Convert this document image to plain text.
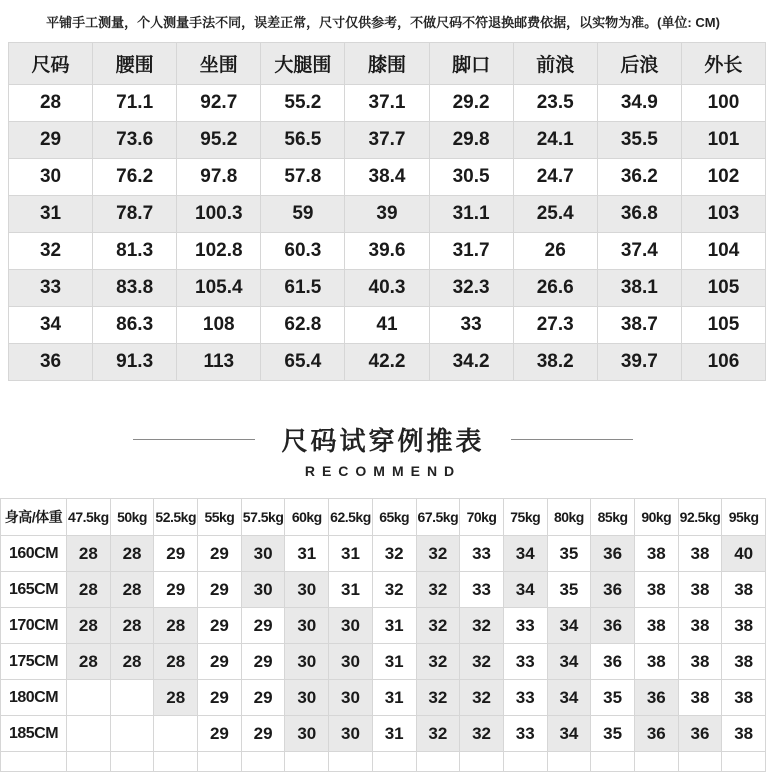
平铺手工测量，个人测量手法不同，误差正常，尺寸仅供参考，不做尺码不符退换邮费依据，以实物为准。(单位: CM)
尺码	腰围	坐围	大腿围	膝围	脚口	前浪	后浪	外长
28	71.1	92.7	55.2	37.1	29.2	23.5	34.9	100
29	73.6	95.2	56.5	37.7	29.8	24.1	35.5	101
30	76.2	97.8	57.8	38.4	30.5	24.7	36.2	102
31	78.7	100.3	59	39	31.1	25.4	36.8	103
32	81.3	102.8	60.3	39.6	31.7	26	37.4	104
33	83.8	105.4	61.5	40.3	32.3	26.6	38.1	105
34	86.3	108	62.8	41	33	27.3	38.7	105
36	91.3	113	65.4	42.2	34.2	38.2	39.7	106
尺码试穿例推表
RECOMMEND
身高/体重	47.5kg	50kg	52.5kg	55kg	57.5kg	60kg	62.5kg	65kg	67.5kg	70kg	75kg	80kg	85kg	90kg	92.5kg	95kg
160CM	28	28	29	29	30	31	31	32	32	33	34	35	36	38	38	40
165CM	28	28	29	29	30	30	31	32	32	33	34	35	36	38	38	38
170CM	28	28	28	29	29	30	30	31	32	32	33	34	36	38	38	38
175CM	28	28	28	29	29	30	30	31	32	32	33	34	36	38	38	38
180CM			28	29	29	30	30	31	32	32	33	34	35	36	38	38
185CM				29	29	30	30	31	32	32	33	34	35	36	36	38
